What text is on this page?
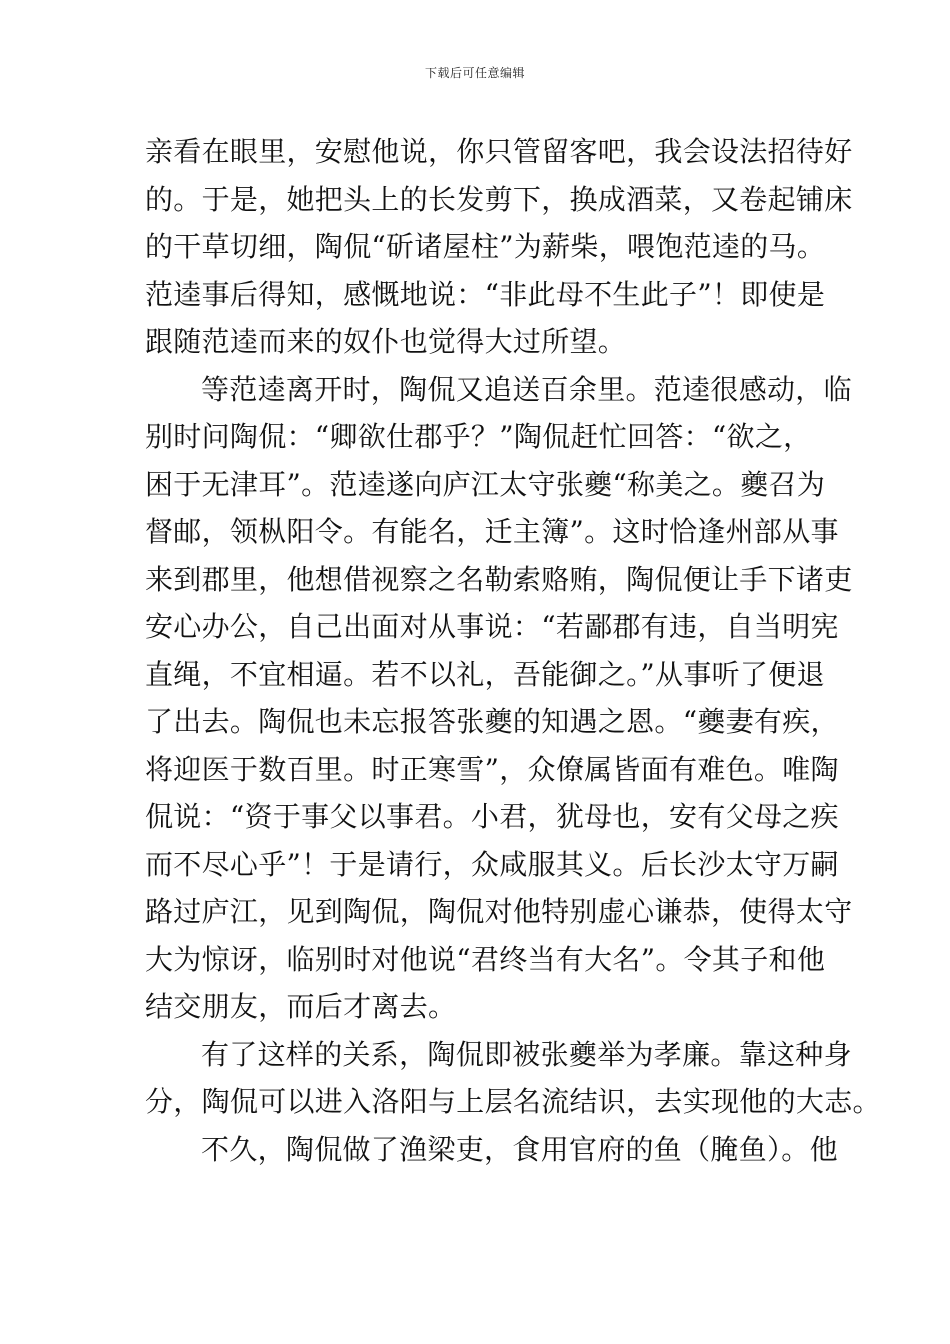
下载后可任意编辑
亲看在眼里，安慰他说，你只管留客吧，我会设法招待好
的。于是，她把头上的长发剪下，换成酒菜，又卷起铺床
的干草切细，陶侃“斫诸屋柱”为薪柴，喂饱范逵的马。
范逵事后得知，感慨地说：“非此母不生此子”！即使是
跟随范逵而来的奴仆也觉得大过所望。
等范逵离开时，陶侃又追送百余里。范逵很感动，临
别时问陶侃：“卿欲仕郡乎？”陶侃赶忙回答：“欲之，
困于无津耳”。范逵遂向庐江太守张夔“称美之。夔召为
督邮，领枞阳令。有能名，迁主簿”。这时恰逢州部从事
来到郡里，他想借视察之名勒索赂贿，陶侃便让手下诸吏
安心办公，自己出面对从事说：“若鄙郡有违，自当明宪
直绳，不宜相逼。若不以礼，吾能御之。”从事听了便退
了出去。陶侃也未忘报答张夔的知遇之恩。“夔妻有疾，
将迎医于数百里。时正寒雪”，众僚属皆面有难色。唯陶
侃说：“资于事父以事君。小君，犹母也，安有父母之疾
而不尽心乎”！于是请行，众咸服其义。后长沙太守万嗣
路过庐江，见到陶侃，陶侃对他特别虚心谦恭，使得太守
大为惊讶，临别时对他说“君终当有大名”。令其子和他
结交朋友，而后才离去。
有了这样的关系，陶侃即被张夔举为孝廉。靠这种身
分，陶侃可以进入洛阳与上层名流结识，去实现他的大志。
不久，陶侃做了渔梁吏，食用官府的鱼（腌鱼）。他
